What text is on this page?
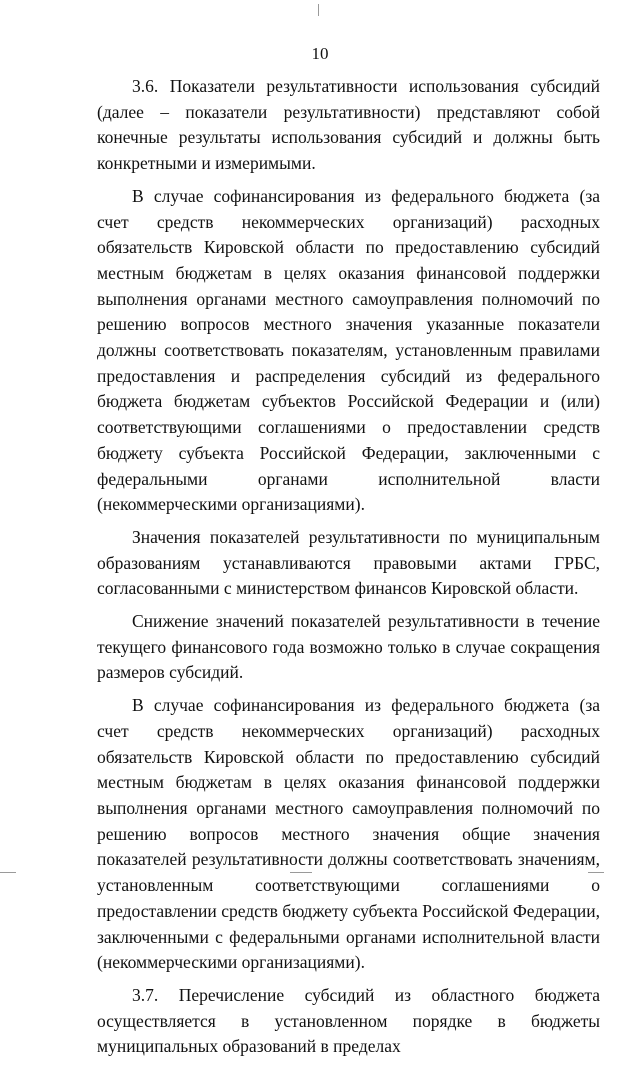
10

3.6. Показатели результативности использования субсидий (далее – показатели результативности) представляют собой конечные результаты использования субсидий и должны быть конкретными и измеримыми.

В случае софинансирования из федерального бюджета (за счет средств некоммерческих организаций) расходных обязательств Кировской области по предоставлению субсидий местным бюджетам в целях оказания финансовой поддержки выполнения органами местного самоуправления полномочий по решению вопросов местного значения указанные показатели должны соответствовать показателям, установленным правилами предоставления и распределения субсидий из федерального бюджета бюджетам субъектов Российской Федерации и (или) соответствующими соглашениями о предоставлении средств бюджету субъекта Российской Федерации, заключенными с федеральными органами исполнительной власти (некоммерческими организациями).

Значения показателей результативности по муниципальным образованиям устанавливаются правовыми актами ГРБС, согласованными с министерством финансов Кировской области.

Снижение значений показателей результативности в течение текущего финансового года возможно только в случае сокращения размеров субсидий.

В случае софинансирования из федерального бюджета (за счет средств некоммерческих организаций) расходных обязательств Кировской области по предоставлению субсидий местным бюджетам в целях оказания финансовой поддержки выполнения органами местного самоуправления полномочий по решению вопросов местного значения общие значения показателей результативности должны соответствовать значениям, установленным соответствующими соглашениями о предоставлении средств бюджету субъекта Российской Федерации, заключенными с федеральными органами исполнительной власти (некоммерческими организациями).

3.7. Перечисление субсидий из областного бюджета осуществляется в установленном порядке в бюджеты муниципальных образований в пределах
